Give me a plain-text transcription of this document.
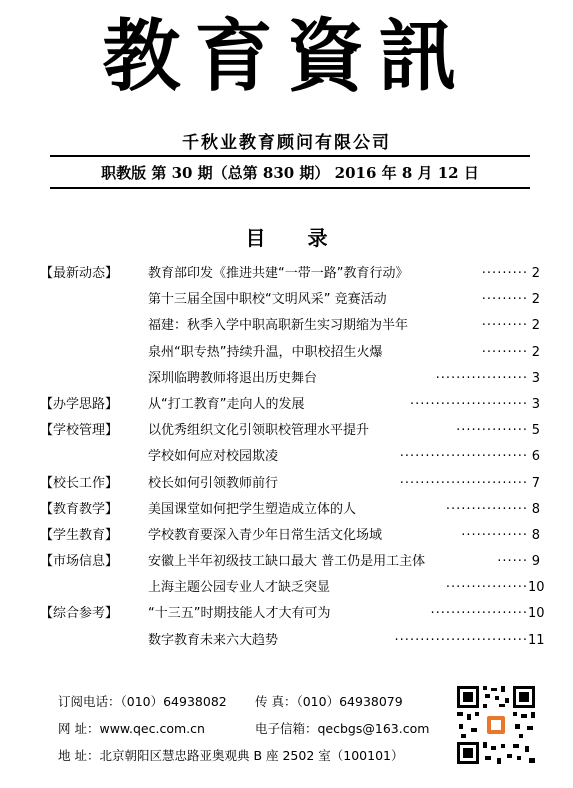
教育資訊
千秋业教育顾问有限公司
职教版 第 30 期（总第 830 期） 2016 年 8 月 12 日
目 录
【最新动态】 教育部印发《推进共建“一带一路”教育行动》	········· 2
第十三届全国中职校“文明风采” 竞赛活动	········· 2
福建：秋季入学中职高职新生实习期缩为半年	········· 2
泉州“职专热”持续升温，中职校招生火爆	········· 2
深圳临聘教师将退出历史舞台	·················· 3
【办学思路】 从“打工教育”走向人的发展	······················· 3
【学校管理】 以优秀组织文化引领职校管理水平提升	·············· 5
学校如何应对校园欺凌	························· 6
【校长工作】 校长如何引领教师前行	························· 7
【教育教学】 美国课堂如何把学生塑造成立体的人	················ 8
【学生教育】 学校教育要深入青少年日常生活文化场域	············· 8
【市场信息】 安徽上半年初级技工缺口最大 普工仍是用工主体	······ 9
上海主题公园专业人才缺乏突显	················ 10
【综合参考】 “十三五”时期技能人才大有可为	··················· 10
数字教育未来六大趋势	·························· 11
订阅电话：（010）64938082 传 真：（010）64938079
网 址：www.qec.com.cn	电子信箱：qecbgs@163.com
地 址：北京朝阳区慧忠路亚奥观典 B 座 2502 室（100101）
